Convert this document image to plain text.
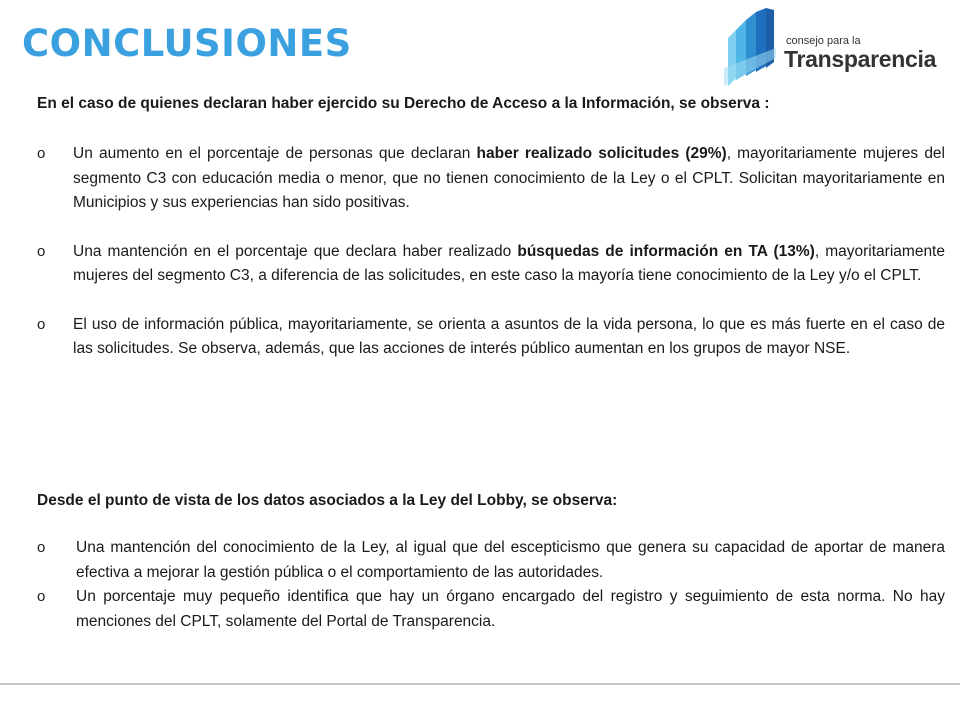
CONCLUSIONES	consejo para la
Transparencia
En el caso de quienes declaran haber ejercido su Derecho de Acceso a la Información, se observa :
o Un aumento en el porcentaje de personas que declaran haber realizado solicitudes (29%), mayoritariamente mujeres del segmento C3 con educación media o menor, que no tienen conocimiento de la Ley o el CPLT. Solicitan mayoritariamente en Municipios y sus experiencias han sido positivas.
o Una mantención en el porcentaje que declara haber realizado búsquedas de información en TA (13%), mayoritariamente mujeres del segmento C3, a diferencia de las solicitudes, en este caso la mayoría tiene conocimiento de la Ley y/o el CPLT.
o El uso de información pública, mayoritariamente, se orienta a asuntos de la vida persona, lo que es más fuerte en el caso de las solicitudes. Se observa, además, que las acciones de interés público aumentan en los grupos de mayor NSE.
Desde el punto de vista de los datos asociados a la Ley del Lobby, se observa:
o Una mantención del conocimiento de la Ley, al igual que del escepticismo que genera su capacidad de aportar de manera efectiva a mejorar la gestión pública o el comportamiento de las autoridades.
o Un porcentaje muy pequeño identifica que hay un órgano encargado del registro y seguimiento de esta norma. No hay menciones del CPLT, solamente del Portal de Transparencia.
